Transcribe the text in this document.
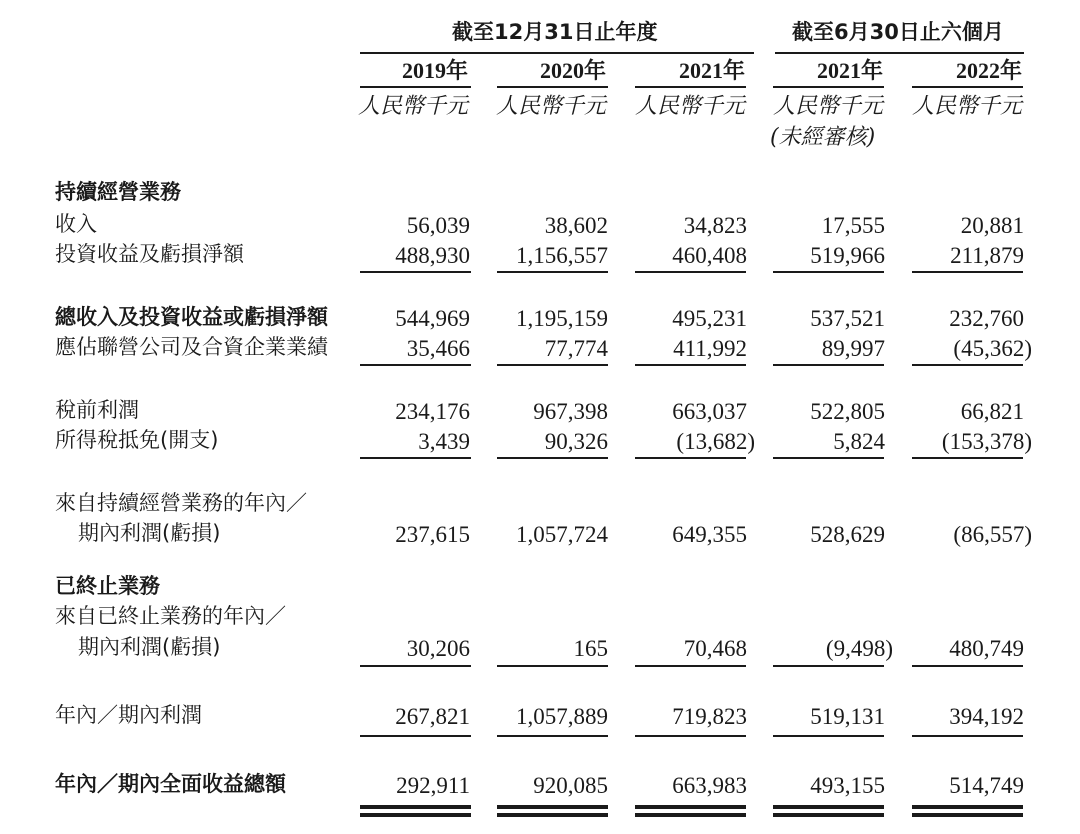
截至12月31日止年度	截至6月30日止六個月
2019年	2020年	2021年	2021年	2022年
人民幣千元 人民幣千元 人民幣千元 人民幣千元 人民幣千元
(未經審核)
持續經營業務
收入	56,039	38,602	34,823	17,555	20,881
投資收益及虧損淨額	488,930 1,156,557	460,408	519,966	211,879
總收入及投資收益或虧損淨額	544,969 1,195,159	495,231	537,521	232,760
應佔聯營公司及合資企業業績	35,466	77,774	411,992	89,997	(45,362)
稅前利潤	234,176	967,398	663,037	522,805	66,821
所得稅抵免(開支)	3,439	90,326	(13,682)	5,824 (153,378)
來自持續經營業務的年內／
期內利潤(虧損)	237,615 1,057,724	649,355	528,629	(86,557)
已終止業務
來自已終止業務的年內／
期內利潤(虧損)	30,206	165	70,468	(9,498) 480,749
年內／期內利潤	267,821 1,057,889	719,823	519,131	394,192
年內／期內全面收益總額	292,911	920,085	663,983	493,155	514,749
